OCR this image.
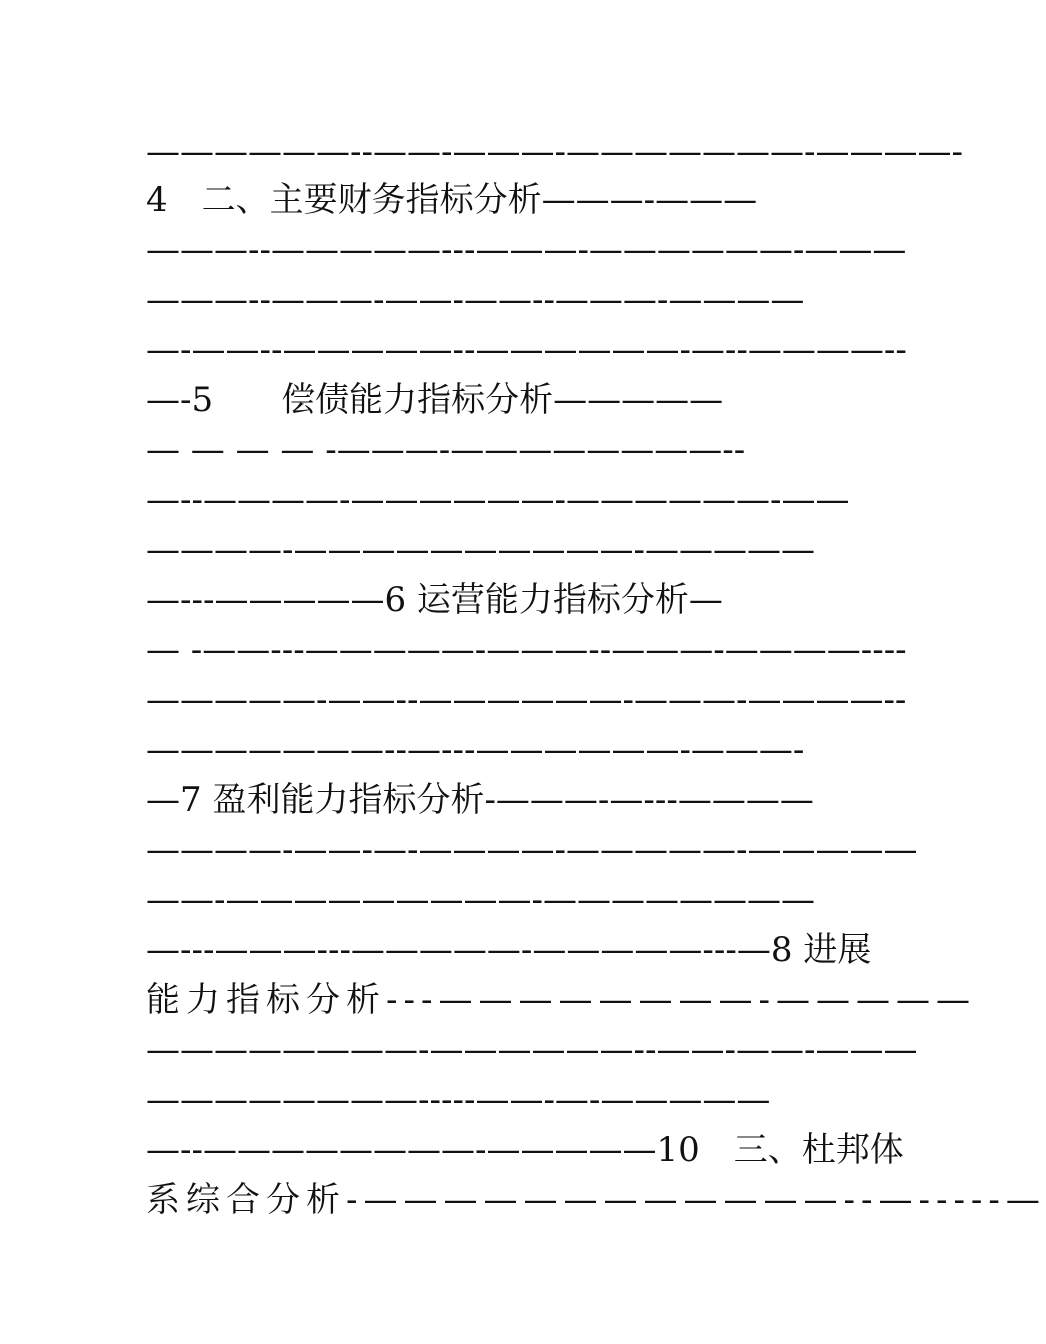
——————--——-———-———————-————-
4　二、主要财务指标分析———-———
———--—————---———-——————-———
———--———-——-——--———-————
—-——--—————--——————-—--————--
—-5　　偿债能力指标分析—————
— — — — -———-————————--
—--————-——————-——————-——
————-——————————-—————
—---—————6 运营能力指标分析—
— -——---—————-———--———-————----
—————-——--——————-———-————--
———————--—---——————-———-
—7 盈利能力指标分析-———-—---————
————-——-—-————-—————-—————
——-—————————-————————
—---———---—————-—————---—8 进展
能力指标分析---————————-—————
————————-——————--——-——-———
————————-----——-—-—————
—--————————-—————10　三、杜邦体
系综合分析-————————————--—-----—
